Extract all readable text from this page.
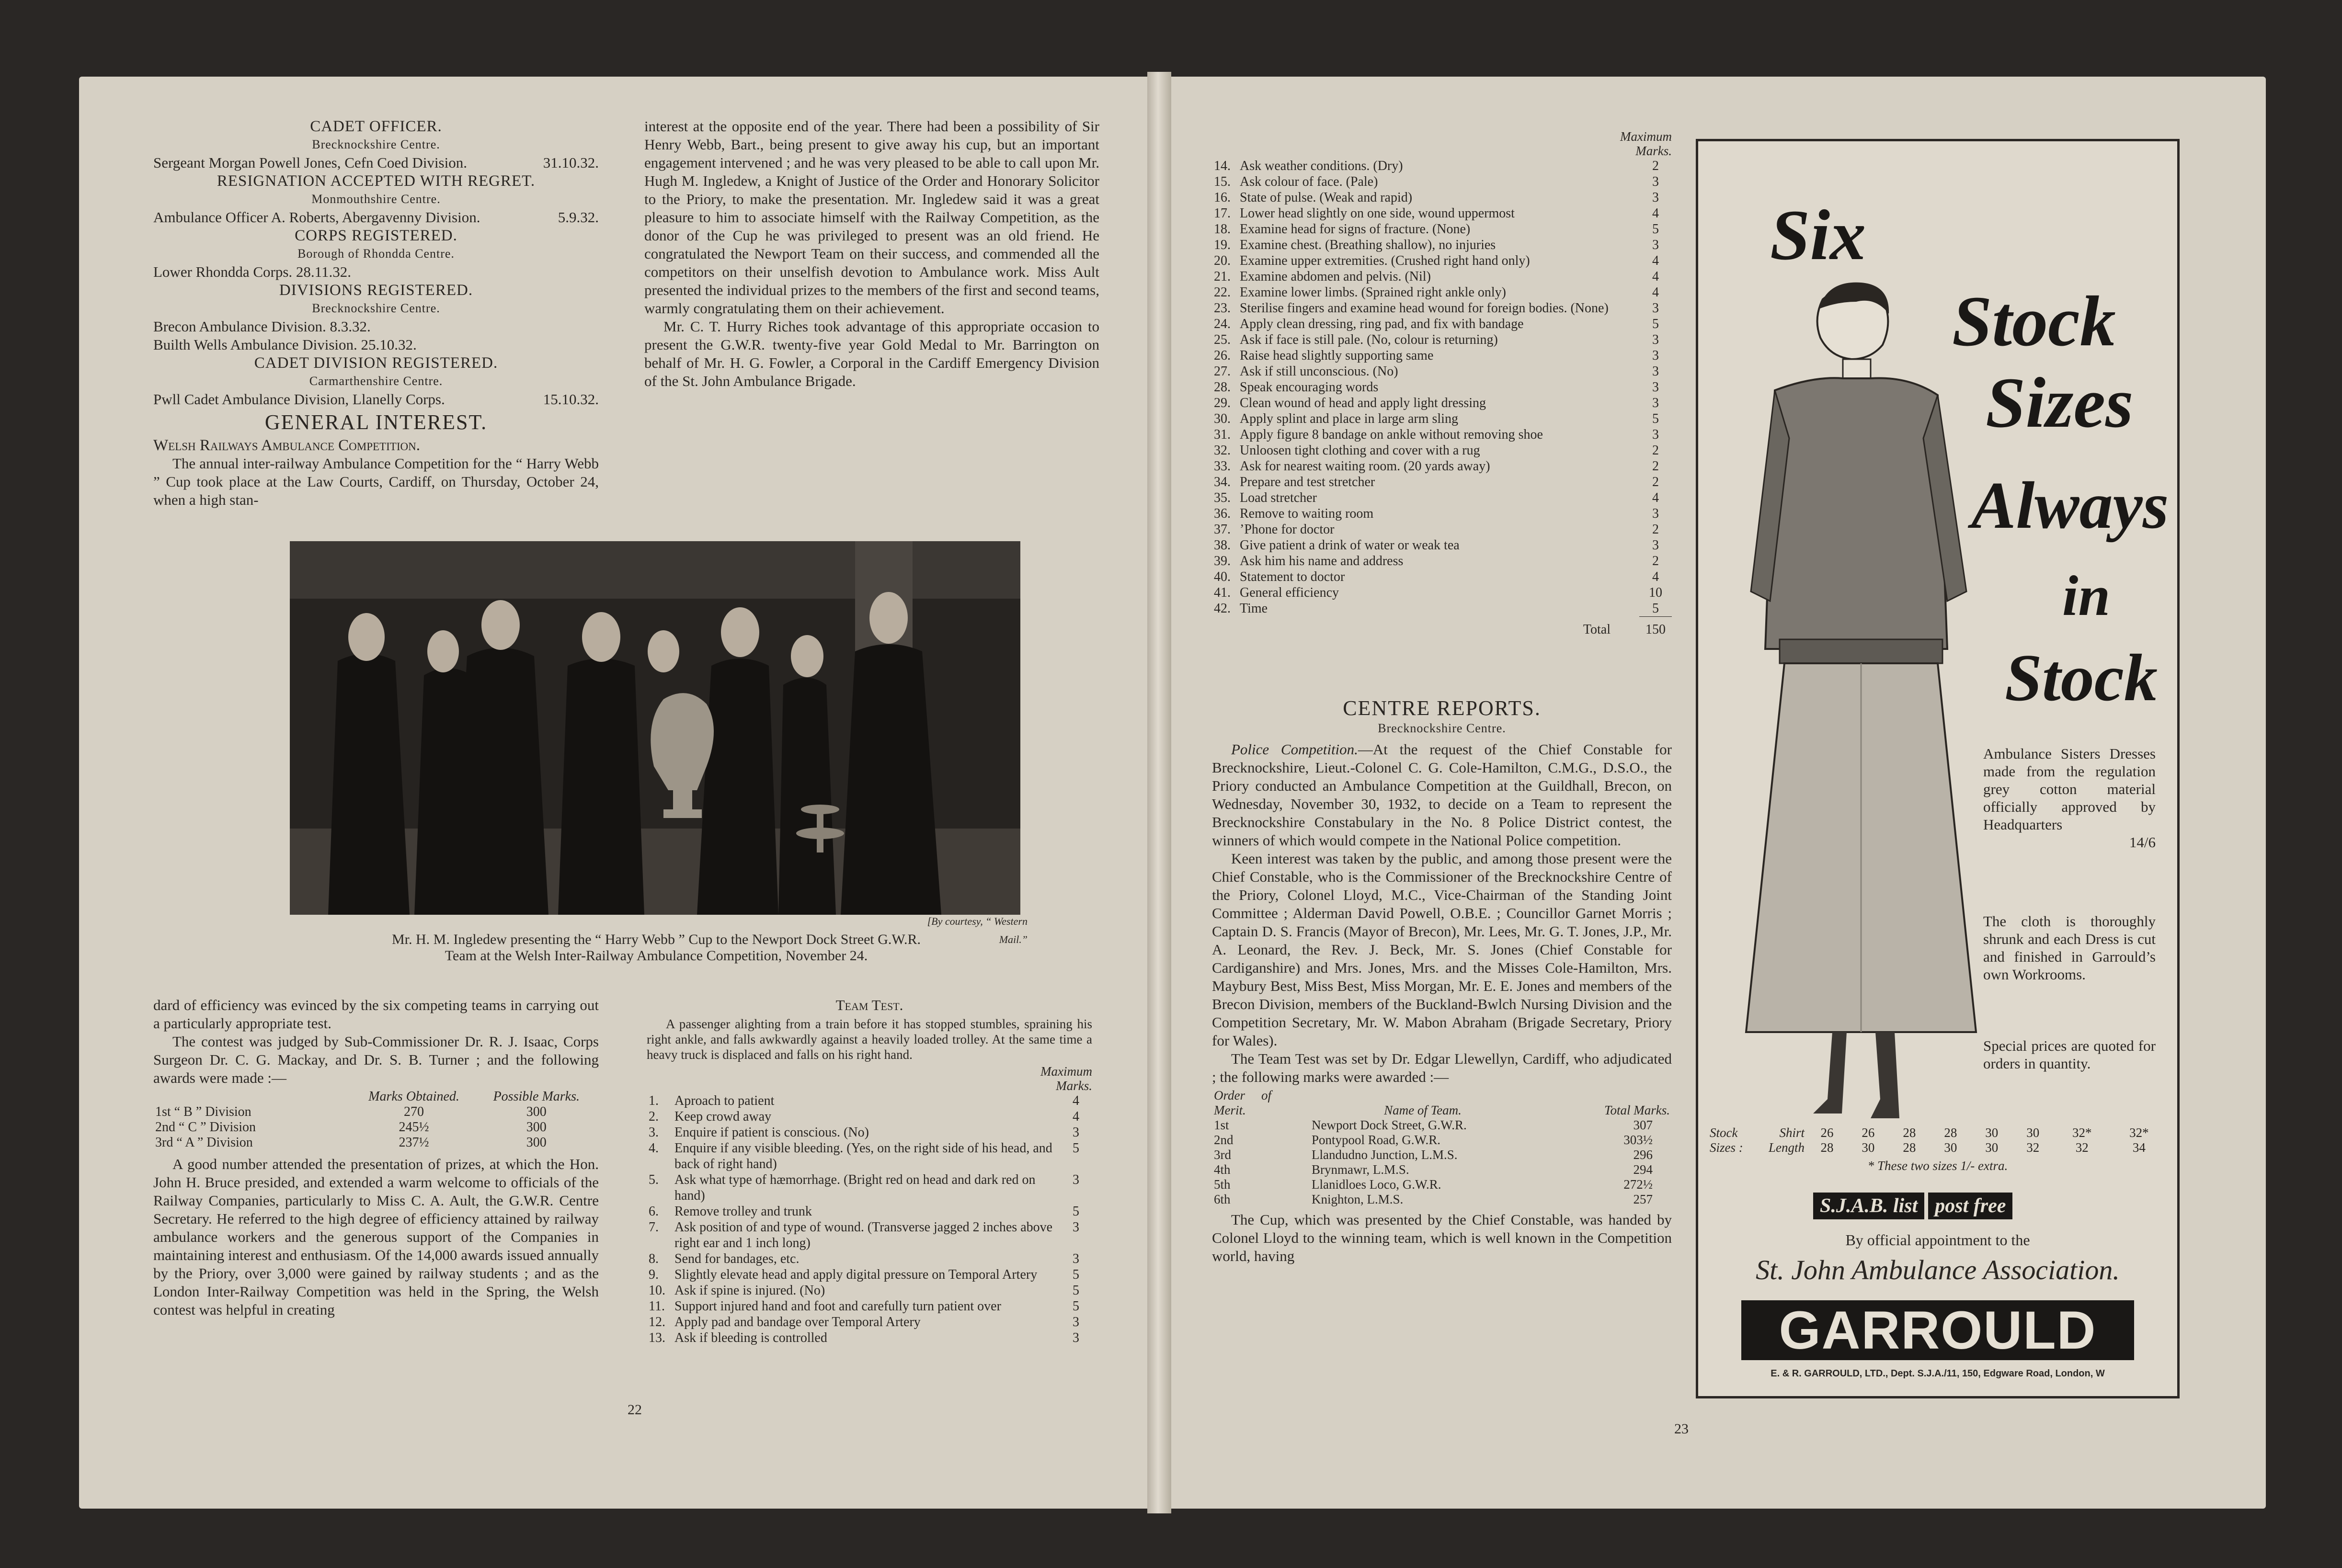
CADET OFFICER.

Brecknockshire Centre.

Sergeant Morgan Powell Jones, Cefn Coed Division.	31.10.32.

RESIGNATION ACCEPTED WITH REGRET.

Monmouthshire Centre.

Ambulance Officer A. Roberts, Abergavenny Division.	5.9.32.

CORPS REGISTERED.

Borough of Rhondda Centre.

Lower Rhondda Corps. 28.11.32.

DIVISIONS REGISTERED.

Brecknockshire Centre.

Brecon Ambulance Division. 8.3.32.

Builth Wells Ambulance Division. 25.10.32.

CADET DIVISION REGISTERED.

Carmarthenshire Centre.

Pwll Cadet Ambulance Division, Llanelly Corps.	15.10.32.

GENERAL INTEREST.

Welsh Railways Ambulance Competition.

The annual inter-railway Ambulance Competition for the “ Harry Webb ” Cup took place at the Law Courts, Cardiff, on Thursday, October 24, when a high stan-

interest at the opposite end of the year. There had been a possibility of Sir Henry Webb, Bart., being present to give away his cup, but an important engagement intervened ; and he was very pleased to be able to call upon Mr. Hugh M. Ingledew, a Knight of Justice of the Order and Honorary Solicitor to the Priory, to make the presentation. Mr. Ingledew said it was a great pleasure to him to associate himself with the Railway Competition, as the donor of the Cup he was privileged to present was an old friend. He congratulated the Newport Team on their success, and commended all the competitors on their unselfish devotion to Ambulance work. Miss Ault presented the individual prizes to the members of the first and second teams, warmly congratulating them on their achievement.

Mr. C. T. Hurry Riches took advantage of this appropriate occasion to present the G.W.R. twenty-five year Gold Medal to Mr. Barrington on behalf of Mr. H. G. Fowler, a Corporal in the Cardiff Emergency Division of the St. John Ambulance Brigade.

[By courtesy, “ Western Mail.”

Mr. H. M. Ingledew presenting the “ Harry Webb ” Cup to the Newport Dock Street G.W.R.

Team at the Welsh Inter-Railway Ambulance Competition, November 24.

dard of efficiency was evinced by the six competing teams in carrying out a particularly appropriate test.

The contest was judged by Sub-Commissioner Dr. R. J. Isaac, Corps Surgeon Dr. C. G. Mackay, and Dr. S. B. Turner ; and the following awards were made :—

	Marks Obtained.	Possible Marks.
1st “ B ” Division	270	300
2nd “ C ” Division	245½	300
3rd “ A ” Division	237½	300

A good number attended the presentation of prizes, at which the Hon. John H. Bruce presided, and extended a warm welcome to officials of the Railway Companies, particularly to Miss C. A. Ault, the G.W.R. Centre Secretary. He referred to the high degree of efficiency attained by railway ambulance workers and the generous support of the Companies in maintaining interest and enthusiasm. Of the 14,000 awards issued annually by the Priory, over 3,000 were gained by railway students ; and as the London Inter-Railway Competition was held in the Spring, the Welsh contest was helpful in creating

Team Test.

A passenger alighting from a train before it has stopped stumbles, spraining his right ankle, and falls awkwardly against a heavily loaded trolley. At the same time a heavy truck is displaced and falls on his right hand.

Maximum Marks.

1.	Aproach to patient	4
2.	Keep crowd away	4
3.	Enquire if patient is conscious. (No)	3
4.	Enquire if any visible bleeding. (Yes, on the right side of his head, and back of right hand)	5
5.	Ask what type of hæmorrhage. (Bright red on head and dark red on hand)	3
6.	Remove trolley and trunk	5
7.	Ask position of and type of wound. (Transverse jagged 2 inches above right ear and 1 inch long)	3
8.	Send for bandages, etc.	3
9.	Slightly elevate head and apply digital pressure on Temporal Artery	5
10.	Ask if spine is injured. (No)	5
11.	Support injured hand and foot and carefully turn patient over	5
12.	Apply pad and bandage over Temporal Artery	3
13.	Ask if bleeding is controlled	3
22

Maximum Marks.

14.	Ask weather conditions. (Dry)	2
15.	Ask colour of face. (Pale)	3
16.	State of pulse. (Weak and rapid)	3
17.	Lower head slightly on one side, wound uppermost	4
18.	Examine head for signs of fracture. (None)	5
19.	Examine chest. (Breathing shallow), no injuries	3
20.	Examine upper extremities. (Crushed right hand only)	4
21.	Examine abdomen and pelvis. (Nil)	4
22.	Examine lower limbs. (Sprained right ankle only)	4
23.	Sterilise fingers and examine head wound for foreign bodies. (None)	3
24.	Apply clean dressing, ring pad, and fix with bandage	5
25.	Ask if face is still pale. (No, colour is returning)	3
26.	Raise head slightly supporting same	3
27.	Ask if still unconscious. (No)	3
28.	Speak encouraging words	3
29.	Clean wound of head and apply light dressing	3
30.	Apply splint and place in large arm sling	5
31.	Apply figure 8 bandage on ankle without removing shoe	3
32.	Unloosen tight clothing and cover with a rug	2
33.	Ask for nearest waiting room. (20 yards away)	2
34.	Prepare and test stretcher	2
35.	Load stretcher	4
36.	Remove to waiting room	3
37.	’Phone for doctor	2
38.	Give patient a drink of water or weak tea	3
39.	Ask him his name and address	2
40.	Statement to doctor	4
41.	General efficiency	10
42.	Time	5
	Total	150

CENTRE REPORTS.

Brecknockshire Centre.

Police Competition.—At the request of the Chief Constable for Brecknockshire, Lieut.-Colonel C. G. Cole-Hamilton, C.M.G., D.S.O., the Priory conducted an Ambulance Competition at the Guildhall, Brecon, on Wednesday, November 30, 1932, to decide on a Team to represent the Brecknockshire Constabulary in the No. 8 Police District contest, the winners of which would compete in the National Police competition.

Keen interest was taken by the public, and among those present were the Chief Constable, who is the Commissioner of the Brecknockshire Centre of the Priory, Colonel Lloyd, M.C., Vice-Chairman of the Standing Joint Committee ; Alderman David Powell, O.B.E. ; Councillor Garnet Morris ; Captain D. S. Francis (Mayor of Brecon), Mr. Lees, Mr. G. T. Jones, J.P., Mr. A. Leonard, the Rev. J. Beck, Mr. S. Jones (Chief Constable for Cardiganshire) and Mrs. Jones, Mrs. and the Misses Cole-Hamilton, Mrs. Maybury Best, Miss Best, Miss Morgan, Mr. E. E. Jones and members of the Brecon Division, members of the Buckland-Bwlch Nursing Division and the Competition Secretary, Mr. W. Mabon Abraham (Brigade Secretary, Priory for Wales).

The Team Test was set by Dr. Edgar Llewellyn, Cardiff, who adjudicated ; the following marks were awarded :—

Order of Merit.	Name of Team.	Total Marks.
1st	Newport Dock Street, G.W.R.	307
2nd	Pontypool Road, G.W.R.	303½
3rd	Llandudno Junction, L.M.S.	296
4th	Brynmawr, L.M.S.	294
5th	Llanidloes Loco, G.W.R.	272½
6th	Knighton, L.M.S.	257

The Cup, which was presented by the Chief Constable, was handed by Colonel Lloyd to the winning team, which is well known in the Competition world, having

23
Six
Stock
Sizes
Always
in
Stock

Ambulance Sisters Dresses made from the regulation grey cotton material officially approved by Headquarters

14/6

The cloth is thoroughly shrunk and each Dress is cut and finished in Garrould’s own Workrooms.
Special prices are quoted for orders in quantity.
Stock	Shirt	26	26	28	28	30	30	32*	32*
Sizes :	Length	28	30	28	30	30	32	32	34
* These two sizes 1/- extra.
S.J.A.B. list post free
By official appointment to the
St. John Ambulance Association.
GARROULD
E. & R. GARROULD, LTD., Dept. S.J.A./11, 150, Edgware Road, London, W
